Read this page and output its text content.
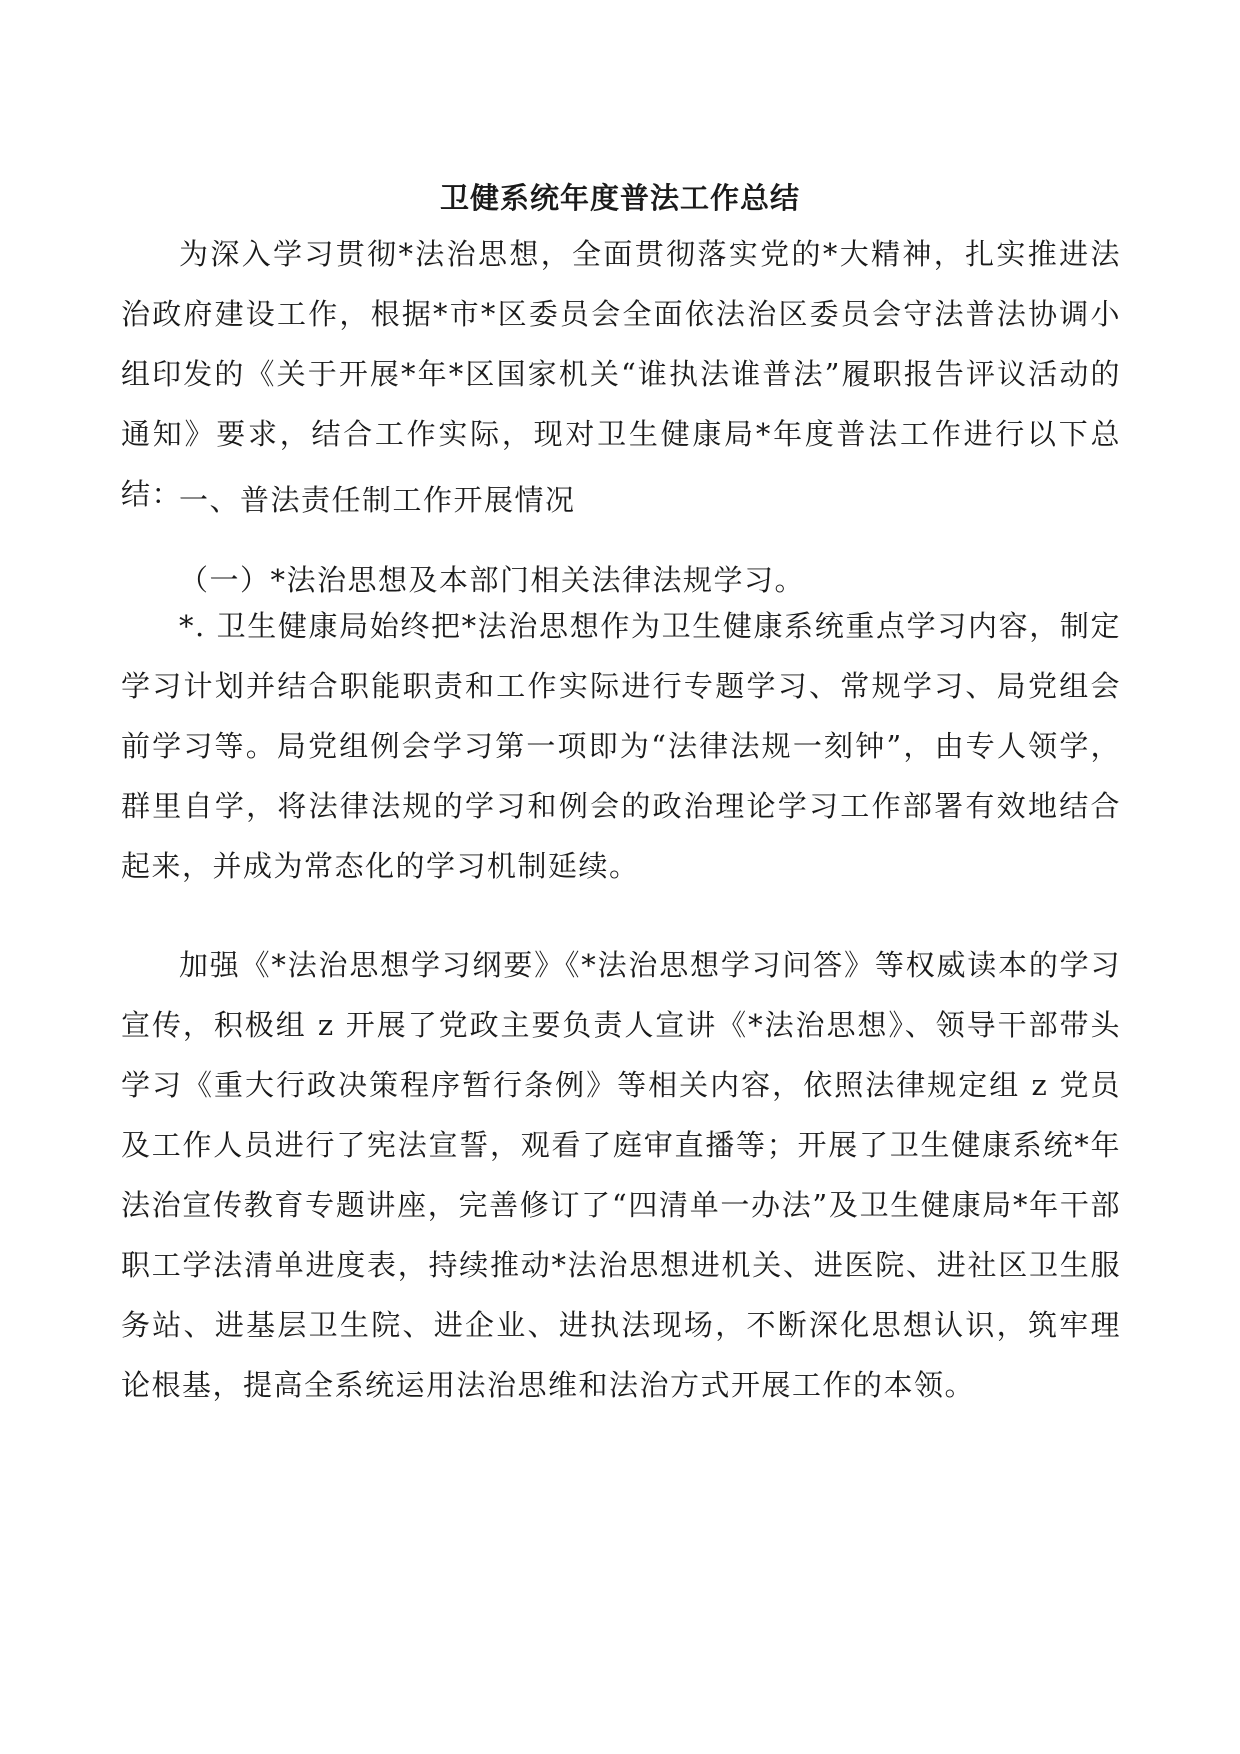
卫健系统年度普法工作总结
为深入学习贯彻*法治思想，全面贯彻落实党的*大精神，扎实推进法治政府建设工作，根据*市*区委员会全面依法治区委员会守法普法协调小组印发的《关于开展*年*区国家机关“谁执法谁普法”履职报告评议活动的通知》要求，结合工作实际，现对卫生健康局*年度普法工作进行以下总结：
一、普法责任制工作开展情况
（一）*法治思想及本部门相关法律法规学习。
*. 卫生健康局始终把*法治思想作为卫生健康系统重点学习内容，制定学习计划并结合职能职责和工作实际进行专题学习、常规学习、局党组会前学习等。局党组例会学习第一项即为“法律法规一刻钟”，由专人领学，群里自学，将法律法规的学习和例会的政治理论学习工作部署有效地结合起来，并成为常态化的学习机制延续。
加强《*法治思想学习纲要》《*法治思想学习问答》等权威读本的学习宣传，积极组 z 开展了党政主要负责人宣讲《*法治思想》、领导干部带头学习《重大行政决策程序暂行条例》等相关内容，依照法律规定组 z 党员及工作人员进行了宪法宣誓，观看了庭审直播等；开展了卫生健康系统*年法治宣传教育专题讲座，完善修订了“四清单一办法”及卫生健康局*年干部职工学法清单进度表，持续推动*法治思想进机关、进医院、进社区卫生服务站、进基层卫生院、进企业、进执法现场，不断深化思想认识，筑牢理论根基，提高全系统运用法治思维和法治方式开展工作的本领。
